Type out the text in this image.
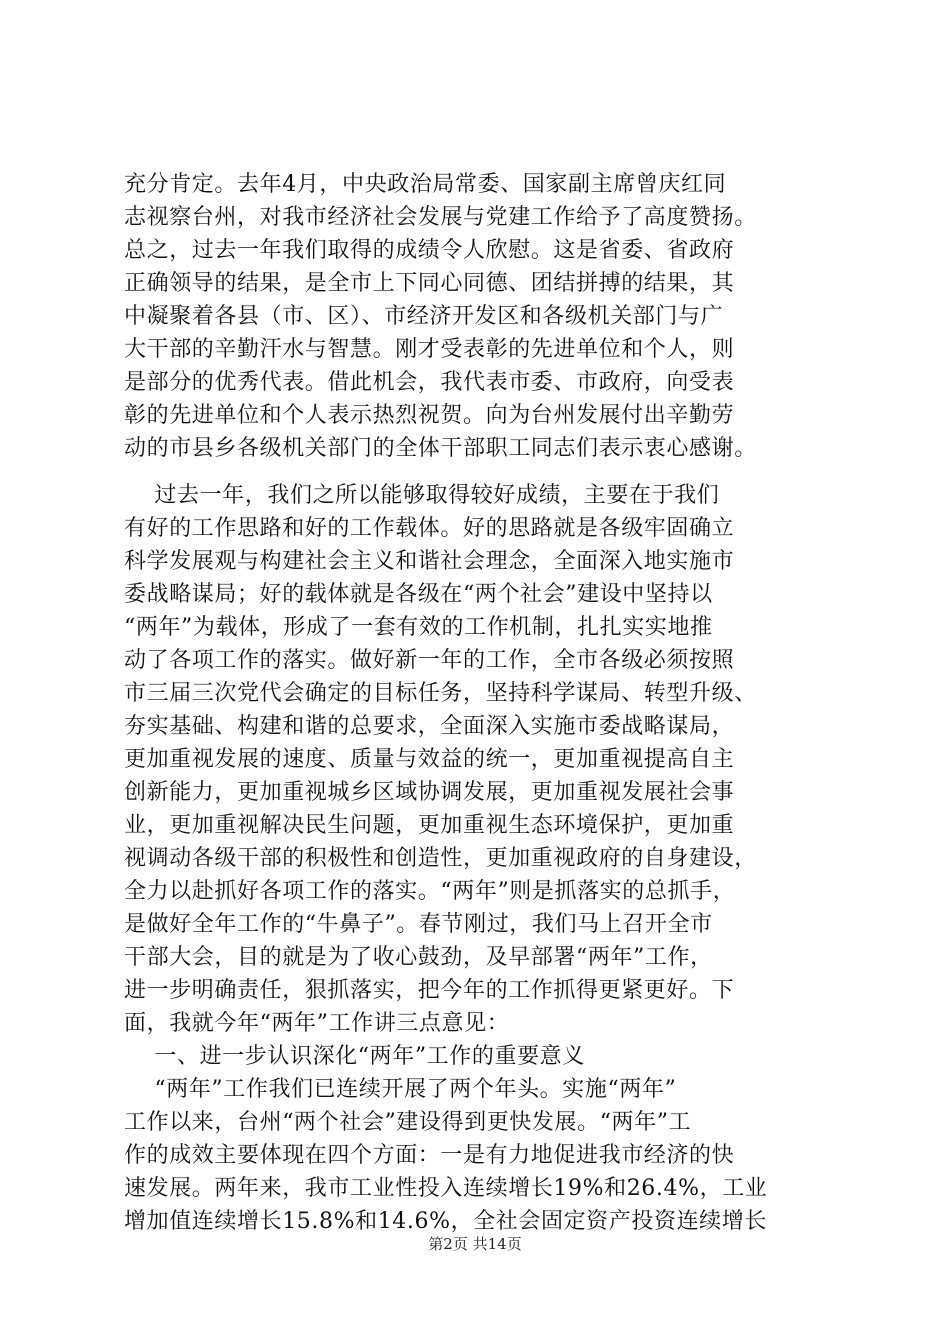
充分肯定。去年4月，中央政治局常委、国家副主席曾庆红同
志视察台州，对我市经济社会发展与党建工作给予了高度赞扬。
总之，过去一年我们取得的成绩令人欣慰。这是省委、省政府
正确领导的结果，是全市上下同心同德、团结拼搏的结果，其
中凝聚着各县（市、区）、市经济开发区和各级机关部门与广
大干部的辛勤汗水与智慧。刚才受表彰的先进单位和个人，则
是部分的优秀代表。借此机会，我代表市委、市政府，向受表
彰的先进单位和个人表示热烈祝贺。向为台州发展付出辛勤劳
动的市县乡各级机关部门的全体干部职工同志们表示衷心感谢。
过去一年，我们之所以能够取得较好成绩，主要在于我们
有好的工作思路和好的工作载体。好的思路就是各级牢固确立
科学发展观与构建社会主义和谐社会理念，全面深入地实施市
委战略谋局；好的载体就是各级在“两个社会”建设中坚持以
“两年”为载体，形成了一套有效的工作机制，扎扎实实地推
动了各项工作的落实。做好新一年的工作，全市各级必须按照
市三届三次党代会确定的目标任务，坚持科学谋局、转型升级、
夯实基础、构建和谐的总要求，全面深入实施市委战略谋局，
更加重视发展的速度、质量与效益的统一，更加重视提高自主
创新能力，更加重视城乡区域协调发展，更加重视发展社会事
业，更加重视解决民生问题，更加重视生态环境保护，更加重
视调动各级干部的积极性和创造性，更加重视政府的自身建设，
全力以赴抓好各项工作的落实。“两年”则是抓落实的总抓手，
是做好全年工作的“牛鼻子”。春节刚过，我们马上召开全市
干部大会，目的就是为了收心鼓劲，及早部署“两年”工作，
进一步明确责任，狠抓落实，把今年的工作抓得更紧更好。下
面，我就今年“两年”工作讲三点意见：
一、进一步认识深化“两年”工作的重要意义
“两年”工作我们已连续开展了两个年头。实施“两年”
工作以来，台州“两个社会”建设得到更快发展。“两年”工
作的成效主要体现在四个方面：一是有力地促进我市经济的快
速发展。两年来，我市工业性投入连续增长19%和26.4%，工业
增加值连续增长15.8%和14.6%，全社会固定资产投资连续增长
第2页 共14页
